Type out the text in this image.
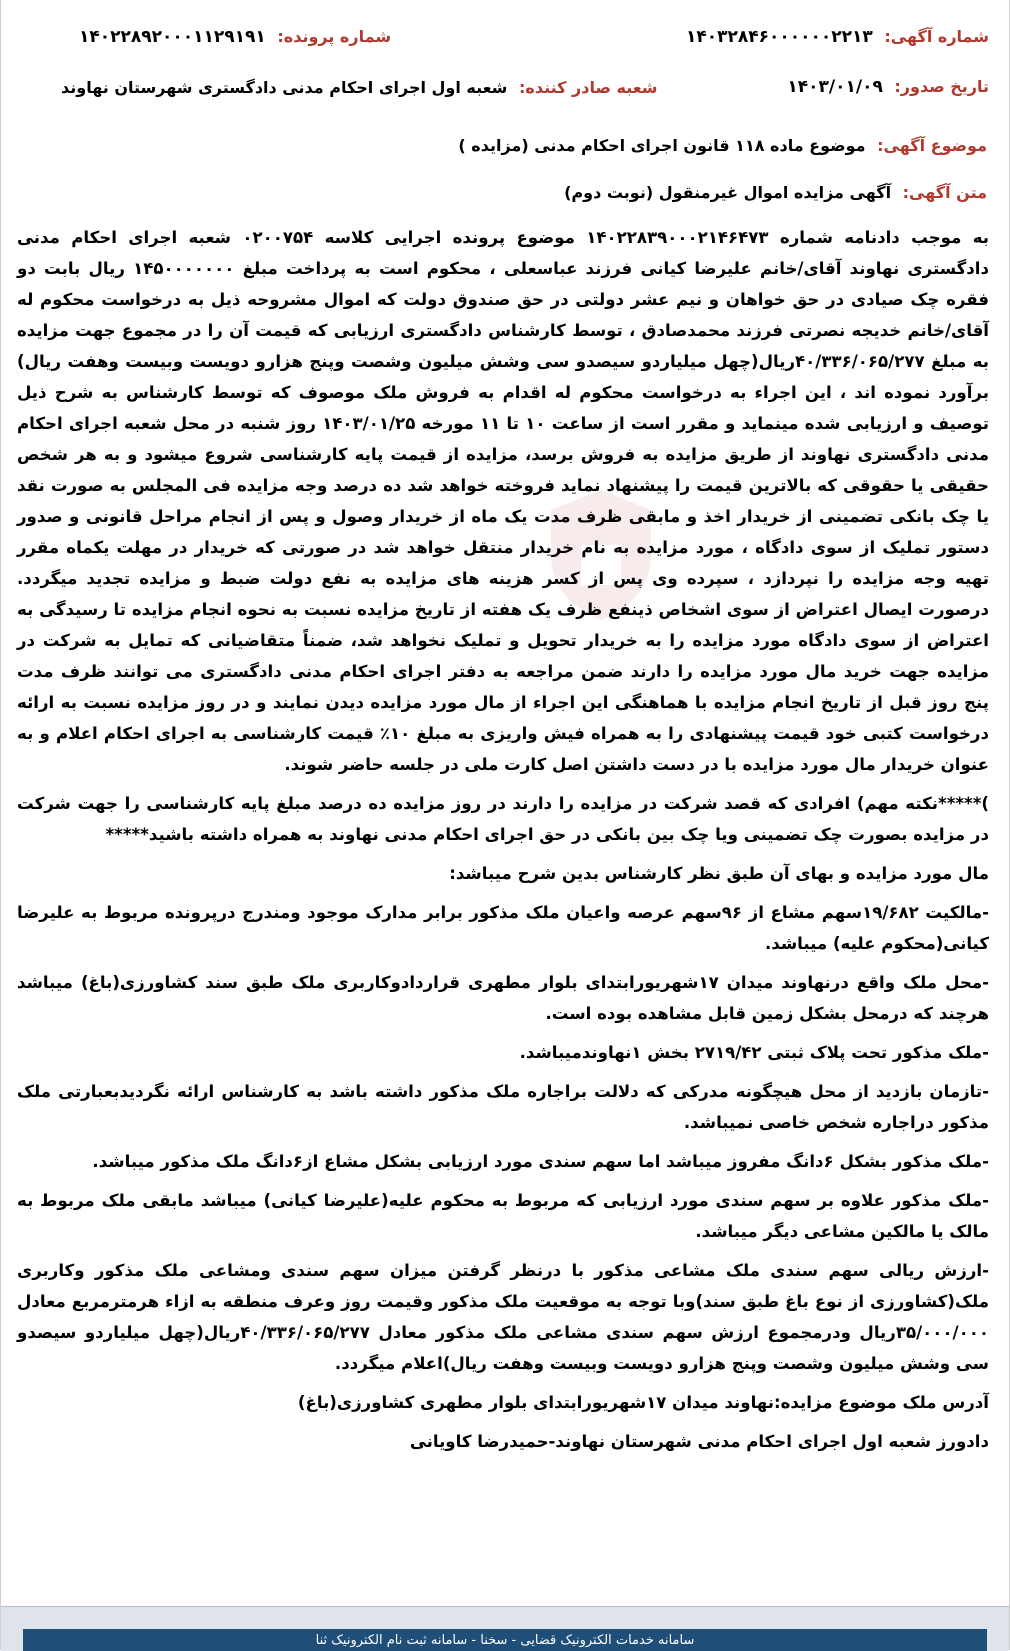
شماره آگهی: ۱۴۰۳۲۸۴۶۰۰۰۰۰۰۲۲۱۳
شماره پرونده: ۱۴۰۲۲۸۹۲۰۰۰۱۱۲۹۱۹۱
تاریخ صدور: ۱۴۰۳/۰۱/۰۹
شعبه صادر کننده: شعبه اول اجرای احکام مدنی دادگستری شهرستان نهاوند
موضوع آگهی: موضوع ماده ۱۱۸ قانون اجرای احکام مدنی (مزایده )
متن آگهی: آگهی مزایده اموال غیرمنقول (نوبت دوم)

به موجب دادنامه شماره ۱۴۰۲۲۸۳۹۰۰۰۲۱۴۶۴۷۳ موضوع پرونده اجرایی کلاسه ۰۲۰۰۷۵۴ شعبه اجرای احکام مدنی دادگستری نهاوند آقای/خانم علیرضا کیانی فرزند عباسعلی ، محکوم است به پرداخت مبلغ ۱۴۵۰۰۰۰۰۰۰ ریال بابت دو فقره چک صیادی در حق خواهان و نیم عشر دولتی در حق صندوق دولت که اموال مشروحه ذیل به درخواست محکوم له آقای/خانم خدیجه نصرتی فرزند محمدصادق ، توسط کارشناس دادگستری ارزیابی که قیمت آن را در مجموع جهت مزایده به مبلغ ۴۰/۳۳۶/۰۶۵/۲۷۷ریال(چهل میلیاردو سیصدو سی وشش میلیون وشصت وپنج هزارو دویست وبیست وهفت ریال) برآورد نموده اند ، این اجراء به درخواست محکوم له اقدام به فروش ملک موصوف که توسط کارشناس به شرح ذیل توصیف و ارزیابی شده مینماید و مقرر است از ساعت ۱۰ تا ۱۱ مورخه ۱۴۰۳/۰۱/۲۵ روز شنبه در محل شعبه اجرای احکام مدنی دادگستری نهاوند از طریق مزایده به فروش برسد، مزایده از قیمت پایه کارشناسی شروع میشود و به هر شخص حقیقی یا حقوقی که بالاترین قیمت را پیشنهاد نماید فروخته خواهد شد ده درصد وجه مزایده فی المجلس به صورت نقد یا چک بانکی تضمینی از خریدار اخذ و مابقی ظرف مدت یک ماه از خریدار وصول و پس از انجام مراحل قانونی و صدور دستور تملیک از سوی دادگاه ، مورد مزایده به نام خریدار منتقل خواهد شد در صورتی که خریدار در مهلت یکماه مقرر تهیه وجه مزایده را نپردازد ، سپرده وی پس از کسر هزینه های مزایده به نفع دولت ضبط و مزایده تجدید میگردد. درصورت ایصال اعتراض از سوی اشخاص ذینفع ظرف یک هفته از تاریخ مزایده نسبت به نحوه انجام مزایده تا رسیدگی به اعتراض از سوی دادگاه مورد مزایده را به خریدار تحویل و تملیک نخواهد شد، ضمناً متقاضیانی که تمایل به شرکت در مزایده جهت خرید مال مورد مزایده را دارند ضمن مراجعه به دفتر اجرای احکام مدنی دادگستری می توانند ظرف مدت پنج روز قبل از تاریخ انجام مزایده با هماهنگی این اجراء از مال مورد مزایده دیدن نمایند و در روز مزایده نسبت به ارائه درخواست کتبی خود قیمت پیشنهادی را به همراه فیش واریزی به مبلغ ۱۰٪ قیمت کارشناسی به اجرای احکام اعلام و به عنوان خریدار مال مورد مزایده با در دست داشتن اصل کارت ملی در جلسه حاضر شوند.

)*****نکته مهم) افرادی که قصد شرکت در مزایده را دارند در روز مزایده ده درصد مبلغ پایه کارشناسی را جهت شرکت در مزایده بصورت چک تضمینی ویا چک بین بانکی در حق اجرای احکام مدنی نهاوند به همراه داشته باشید*****

مال مورد مزایده و بهای آن طبق نظر کارشناس بدین شرح میباشد:

-مالکیت ۱۹/۶۸۲سهم مشاع از ۹۶سهم عرصه واعیان ملک مذکور برابر مدارک موجود ومندرج درپرونده مربوط به علیرضا کیانی(محکوم علیه) میباشد.

-محل ملک واقع درنهاوند میدان ۱۷شهریورابتدای بلوار مطهری قراردادوکاربری ملک طبق سند کشاورزی(باغ) میباشد هرچند که درمحل بشکل زمین قابل مشاهده بوده است.

-ملک مذکور تحت پلاک ثبتی ۲۷۱۹/۴۲ بخش ۱نهاوندمیباشد.

-تازمان بازدید از محل هیچگونه مدرکی که دلالت براجاره ملک مذکور داشته باشد به کارشناس ارائه نگردیدبعبارتی ملک مذکور دراجاره شخص خاصی نمیباشد.

-ملک مذکور بشکل ۶دانگ مفروز میباشد اما سهم سندی مورد ارزیابی بشکل مشاع از۶دانگ ملک مذکور میباشد.

-ملک مذکور علاوه بر سهم سندی مورد ارزیابی که مربوط به محکوم علیه(علیرضا کیانی) میباشد مابقی ملک مربوط به مالک یا مالکین مشاعی دیگر میباشد.

-ارزش ریالی سهم سندی ملک مشاعی مذکور با درنظر گرفتن میزان سهم سندی ومشاعی ملک مذکور وکاربری ملک(کشاورزی از نوع باغ طبق سند)وبا توجه به موقعیت ملک مذکور وقیمت روز وعرف منطقه به ازاء هرمترمربع معادل ۳۵/۰۰۰/۰۰۰ریال ودرمجموع ارزش سهم سندی مشاعی ملک مذکور معادل ۴۰/۳۳۶/۰۶۵/۲۷۷ریال(چهل میلیاردو سیصدو سی وشش میلیون وشصت وپنج هزارو دویست وبیست وهفت ریال)اعلام میگردد.

آدرس ملک موضوع مزایده:نهاوند میدان ۱۷شهریورابتدای بلوار مطهری کشاورزی(باغ)

دادورز شعبه اول اجرای احکام مدنی شهرستان نهاوند-حمیدرضا کاویانی

سامانه خدمات الکترونیک قضایی - سخنا - سامانه ثبت نام الکترونیک ثنا
